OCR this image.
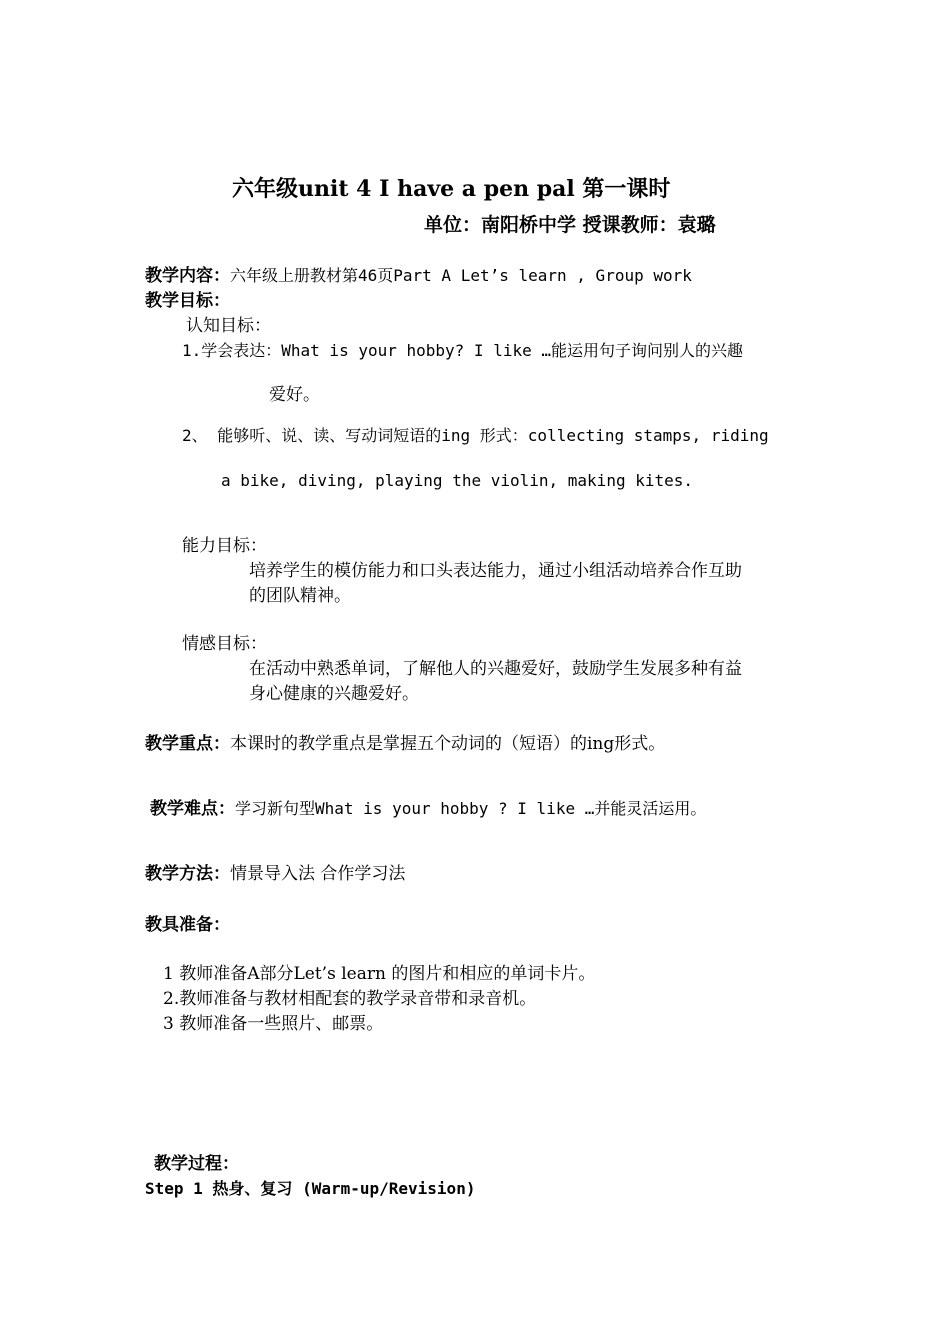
六年级unit 4 I have a pen pal 第一课时
单位：南阳桥中学 授课教师：袁璐
教学内容：六年级上册教材第46页Part A Let’s learn , Group work
教学目标：
认知目标：
1.学会表达：What is your hobby? I like …能运用句子询问别人的兴趣
爱好。
2、 能够听、说、读、写动词短语的ing 形式：collecting stamps, riding
a bike, diving, playing the violin, making kites.
能力目标：
培养学生的模仿能力和口头表达能力，通过小组活动培养合作互助
的团队精神。
情感目标：
在活动中熟悉单词，了解他人的兴趣爱好，鼓励学生发展多种有益
身心健康的兴趣爱好。
教学重点：本课时的教学重点是掌握五个动词的（短语）的ing形式。
教学难点：学习新句型What is your hobby ? I like …并能灵活运用。
教学方法：情景导入法 合作学习法
教具准备：
1 教师准备A部分Let’s learn 的图片和相应的单词卡片。
2.教师准备与教材相配套的教学录音带和录音机。
3 教师准备一些照片、邮票。
教学过程：
Step 1 热身、复习 (Warm-up/Revision)
